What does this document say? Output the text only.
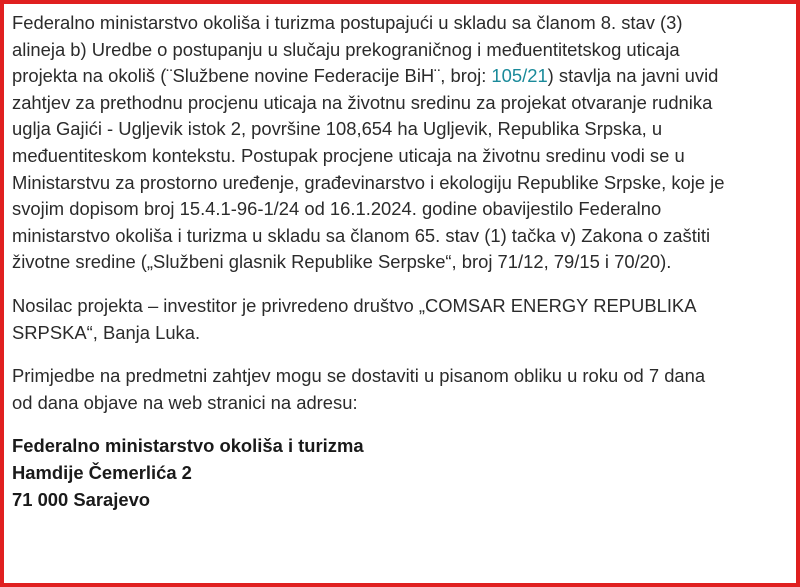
Federalno ministarstvo okoliša i turizma postupajući u skladu sa članom 8. stav (3)
alineja b) Uredbe o postupanju u slučaju prekograničnog i međuentitetskog uticaja
projekta na okoliš (¨Službene novine Federacije BiH¨, broj: 105/21) stavlja na javni uvid
zahtjev za prethodnu procjenu uticaja na životnu sredinu za projekat otvaranje rudnika
uglja Gajići - Ugljevik istok 2, površine 108,654 ha Ugljevik, Republika Srpska, u
međuentiteskom kontekstu. Postupak procjene uticaja na životnu sredinu vodi se u
Ministarstvu za prostorno uređenje, građevinarstvo i ekologiju Republike Srpske, koje je
svojim dopisom broj 15.4.1-96-1/24 od 16.1.2024. godine obavijestilo Federalno
ministarstvo okoliša i turizma u skladu sa članom 65. stav (1) tačka v) Zakona o zaštiti
životne sredine („Službeni glasnik Republike Serpske“, broj 71/12, 79/15 i 70/20).
Nosilac projekta – investitor je privredeno društvo „COMSAR ENERGY REPUBLIKA
SRPSKA“, Banja Luka.
Primjedbe na predmetni zahtjev mogu se dostaviti u pisanom obliku u roku od 7 dana
od dana objave na web stranici na adresu:
Federalno ministarstvo okoliša i turizma
Hamdije Čemerlića 2
71 000 Sarajevo
